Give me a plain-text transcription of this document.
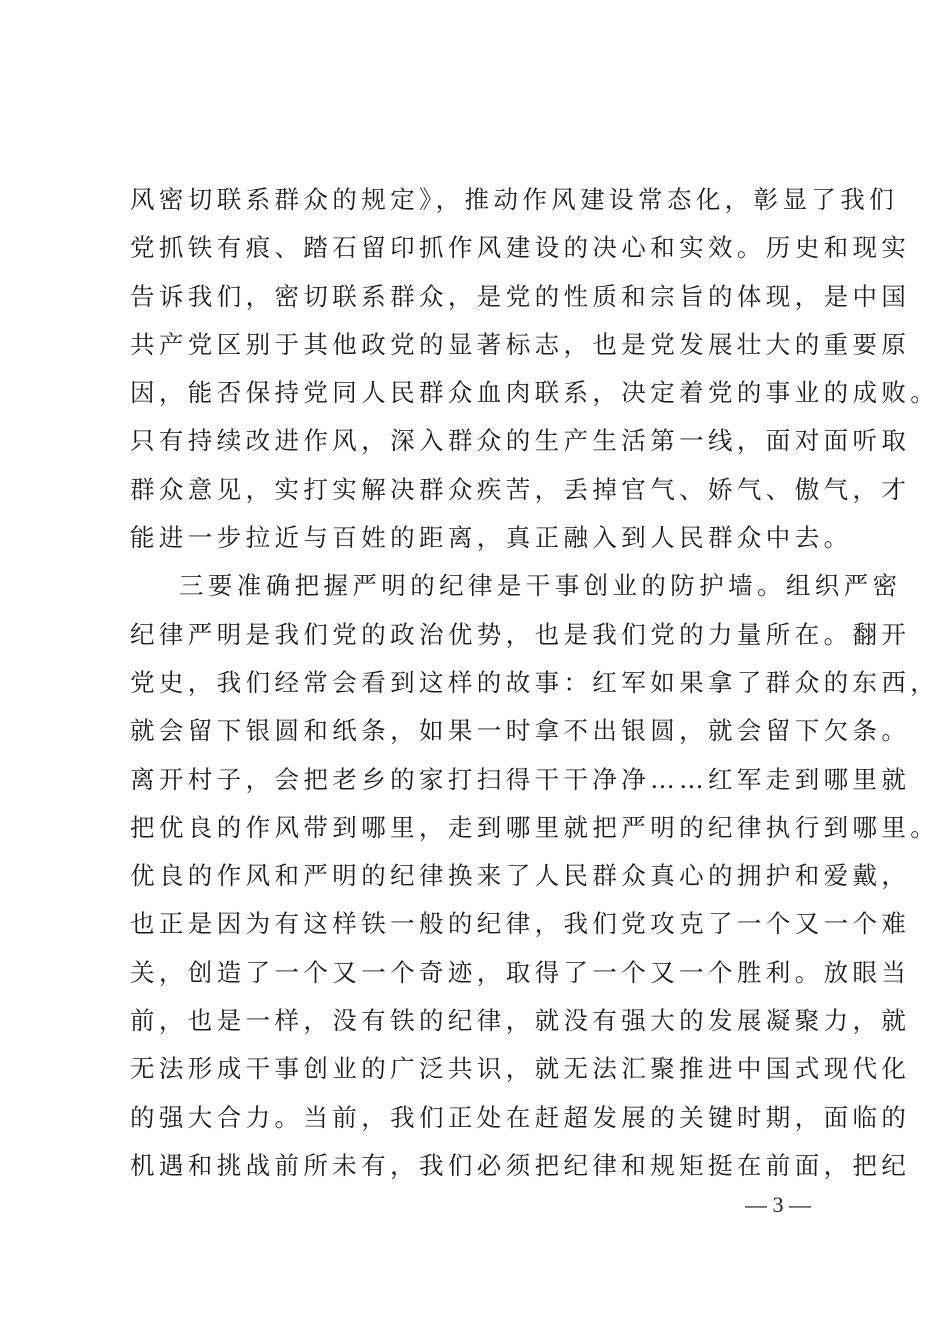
风密切联系群众的规定》，推动作风建设常态化，彰显了我们
党抓铁有痕、踏石留印抓作风建设的决心和实效。历史和现实
告诉我们，密切联系群众，是党的性质和宗旨的体现，是中国
共产党区别于其他政党的显著标志，也是党发展壮大的重要原
因，能否保持党同人民群众血肉联系，决定着党的事业的成败。
只有持续改进作风，深入群众的生产生活第一线，面对面听取
群众意见，实打实解决群众疾苦，丢掉官气、娇气、傲气，才
能进一步拉近与百姓的距离，真正融入到人民群众中去。
三要准确把握严明的纪律是干事创业的防护墙。组织严密
纪律严明是我们党的政治优势，也是我们党的力量所在。翻开
党史，我们经常会看到这样的故事：红军如果拿了群众的东西，
就会留下银圆和纸条，如果一时拿不出银圆，就会留下欠条。
离开村子，会把老乡的家打扫得干干净净……红军走到哪里就
把优良的作风带到哪里，走到哪里就把严明的纪律执行到哪里。
优良的作风和严明的纪律换来了人民群众真心的拥护和爱戴，
也正是因为有这样铁一般的纪律，我们党攻克了一个又一个难
关，创造了一个又一个奇迹，取得了一个又一个胜利。放眼当
前，也是一样，没有铁的纪律，就没有强大的发展凝聚力，就
无法形成干事创业的广泛共识，就无法汇聚推进中国式现代化
的强大合力。当前，我们正处在赶超发展的关键时期，面临的
机遇和挑战前所未有，我们必须把纪律和规矩挺在前面，把纪
— 3 —
